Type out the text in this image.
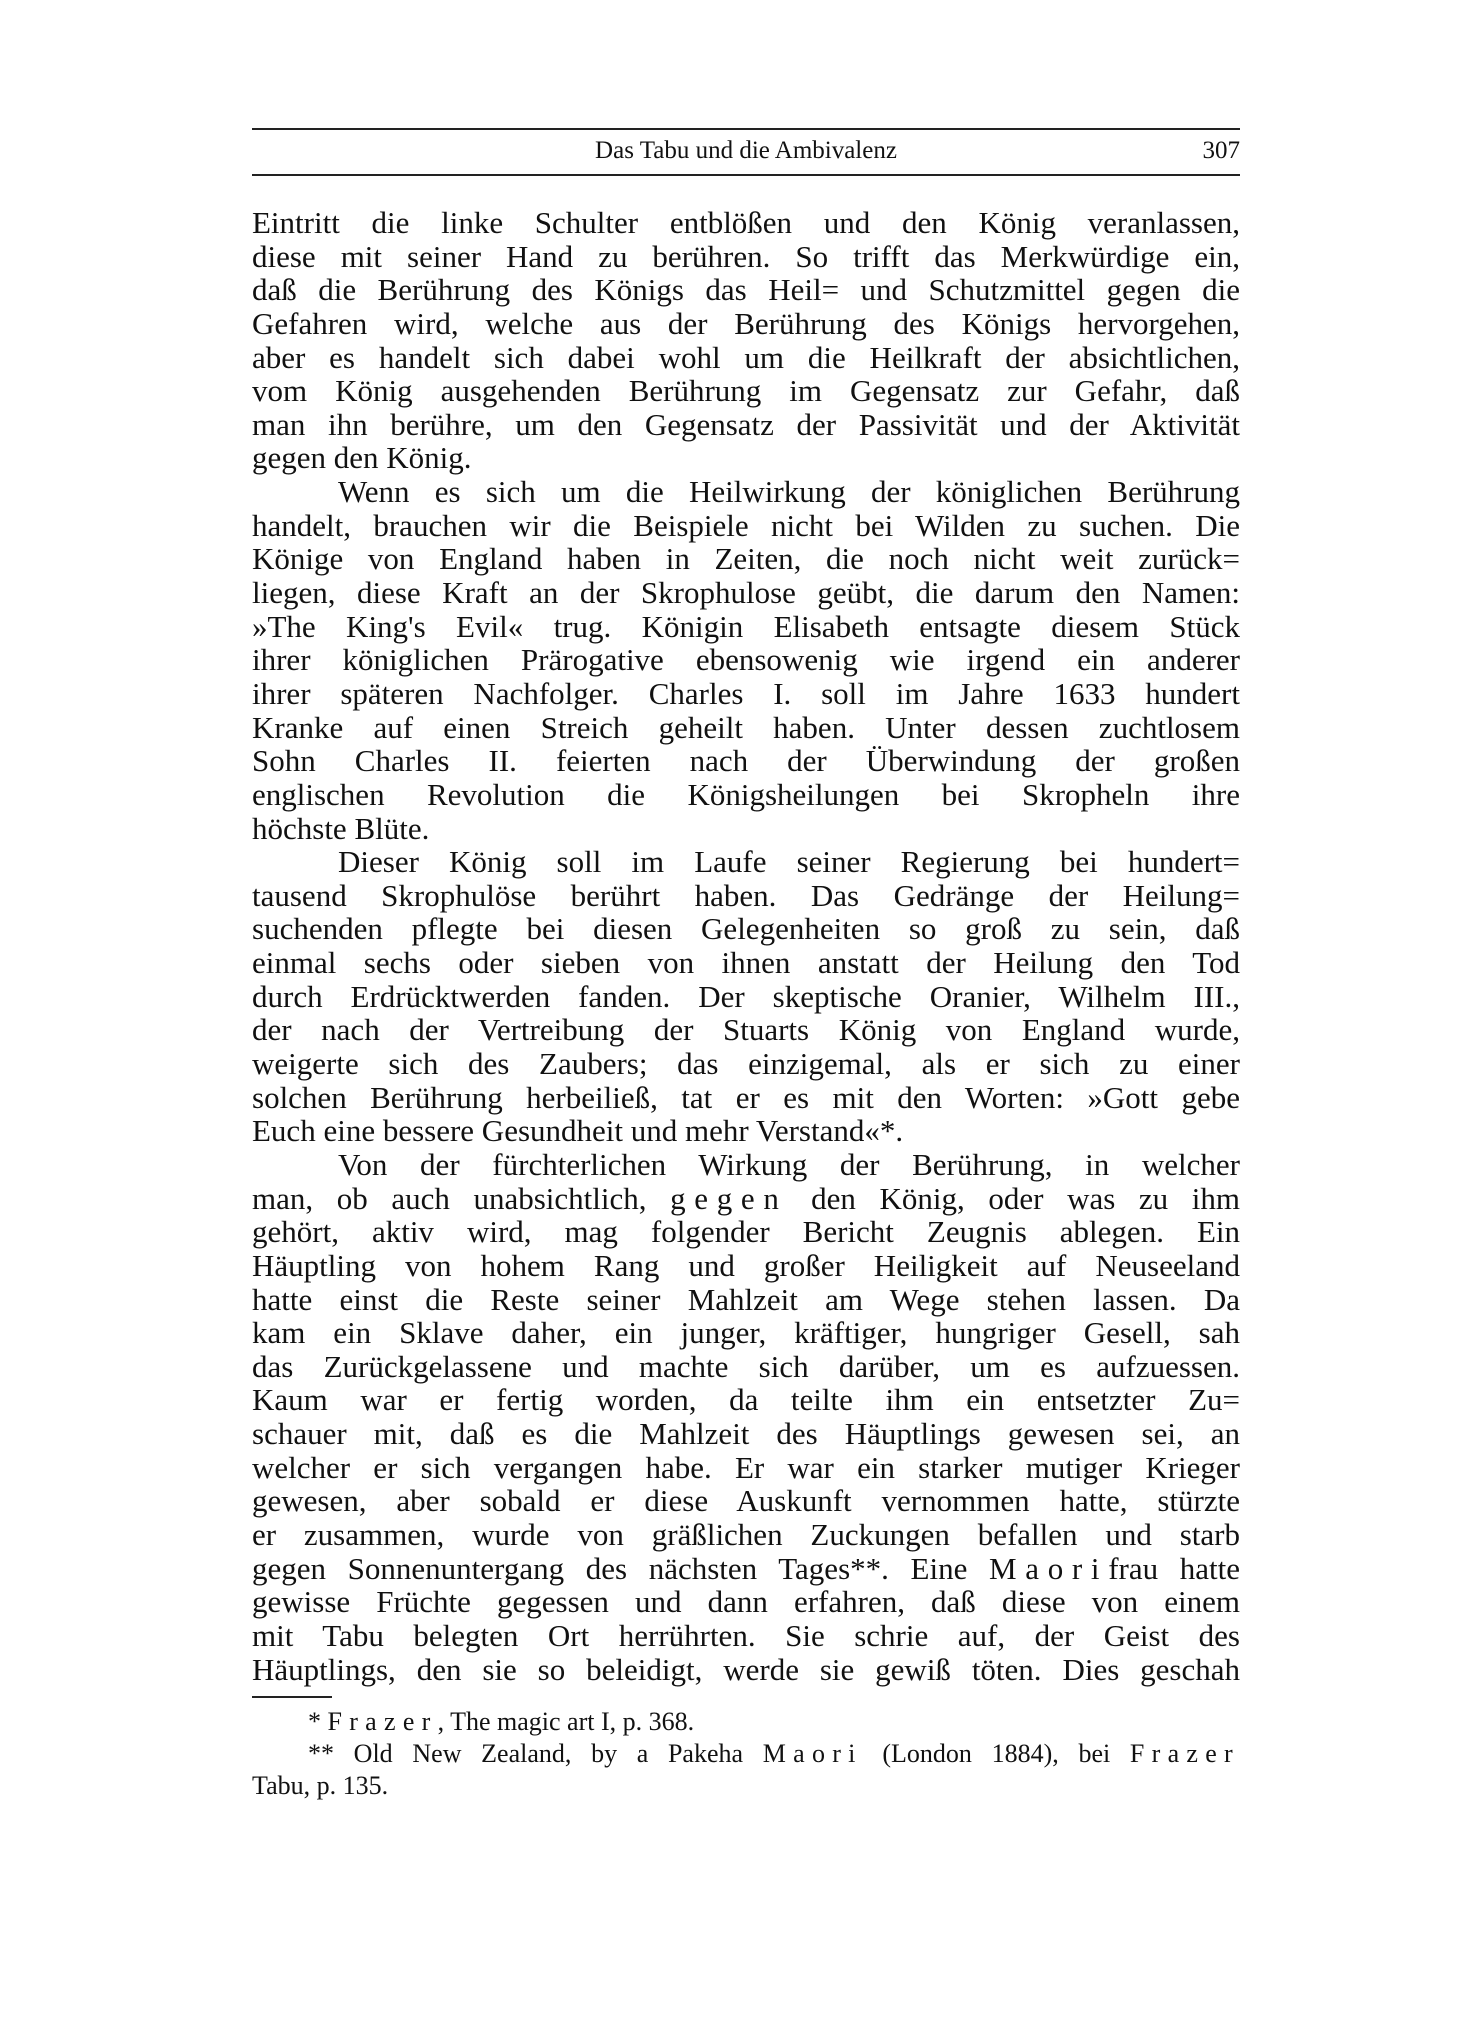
Das Tabu und die Ambivalenz	307
Eintritt die linke Schulter entblößen und den König veranlassen,
diese mit seiner Hand zu berühren. So trifft das Merkwürdige ein,
daß die Berührung des Königs das Heil= und Schutzmittel gegen die
Gefahren wird, welche aus der Berührung des Königs hervorgehen,
aber es handelt sich dabei wohl um die Heilkraft der absichtlichen,
vom König ausgehenden Berührung im Gegensatz zur Gefahr, daß
man ihn berühre, um den Gegensatz der Passivität und der Aktivität
gegen den König.
Wenn es sich um die Heilwirkung der königlichen Berührung
handelt, brauchen wir die Beispiele nicht bei Wilden zu suchen. Die
Könige von England haben in Zeiten, die noch nicht weit zurück=
liegen, diese Kraft an der Skrophulose geübt, die darum den Namen:
»The King's Evil« trug. Königin Elisabeth entsagte diesem Stück
ihrer königlichen Prärogative ebensowenig wie irgend ein anderer
ihrer späteren Nachfolger. Charles I. soll im Jahre 1633 hundert
Kranke auf einen Streich geheilt haben. Unter dessen zuchtlosem
Sohn Charles II. feierten nach der Überwindung der großen
englischen Revolution die Königsheilungen bei Skropheln ihre
höchste Blüte.
Dieser König soll im Laufe seiner Regierung bei hundert=
tausend Skrophulöse berührt haben. Das Gedränge der Heilung=
suchenden pflegte bei diesen Gelegenheiten so groß zu sein, daß
einmal sechs oder sieben von ihnen anstatt der Heilung den Tod
durch Erdrücktwerden fanden. Der skeptische Oranier, Wilhelm III.,
der nach der Vertreibung der Stuarts König von England wurde,
weigerte sich des Zaubers; das einzigemal, als er sich zu einer
solchen Berührung herbeiließ, tat er es mit den Worten: »Gott gebe
Euch eine bessere Gesundheit und mehr Verstand«*.
Von der fürchterlichen Wirkung der Berührung, in welcher
man, ob auch unabsichtlich, gegen den König, oder was zu ihm
gehört, aktiv wird, mag folgender Bericht Zeugnis ablegen. Ein
Häuptling von hohem Rang und großer Heiligkeit auf Neuseeland
hatte einst die Reste seiner Mahlzeit am Wege stehen lassen. Da
kam ein Sklave daher, ein junger, kräftiger, hungriger Gesell, sah
das Zurückgelassene und machte sich darüber, um es aufzuessen.
Kaum war er fertig worden, da teilte ihm ein entsetzter Zu=
schauer mit, daß es die Mahlzeit des Häuptlings gewesen sei, an
welcher er sich vergangen habe. Er war ein starker mutiger Krieger
gewesen, aber sobald er diese Auskunft vernommen hatte, stürzte
er zusammen, wurde von gräßlichen Zuckungen befallen und starb
gegen Sonnenuntergang des nächsten Tages**. Eine Maorifrau hatte
gewisse Früchte gegessen und dann erfahren, daß diese von einem
mit Tabu belegten Ort herrührten. Sie schrie auf, der Geist des
Häuptlings, den sie so beleidigt, werde sie gewiß töten. Dies geschah
* Frazer, The magic art I, p. 368.
** Old New Zealand, by a Pakeha Maori (London 1884), bei Frazer
Tabu, p. 135.
